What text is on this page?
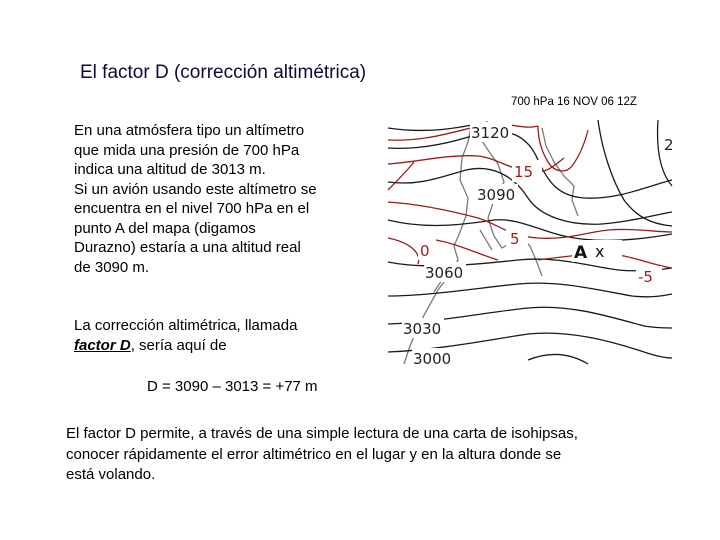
El factor D (corrección altimétrica)
700 hPa 16 NOV 06 12Z

En una atmósfera tipo un altímetro

que mida una presión de 700 hPa

indica una altitud de 3013 m.

Si un avión usando este altímetro se

encuentra en el nivel 700 hPa en el

punto A del mapa (digamos

Durazno) estaría a una altitud real

de 3090 m.

La corrección altimétrica, llamada
factor D, sería aquí de
D = 3090 – 3013 = +77 m
El factor D permite, a través de una simple lectura de una carta de isohipsas,
conocer rápidamente el error altimétrico en el lugar y en la altura donde se
está volando.
3120
3090
3060
3030
3000
15
5
0
-5
A x
2
